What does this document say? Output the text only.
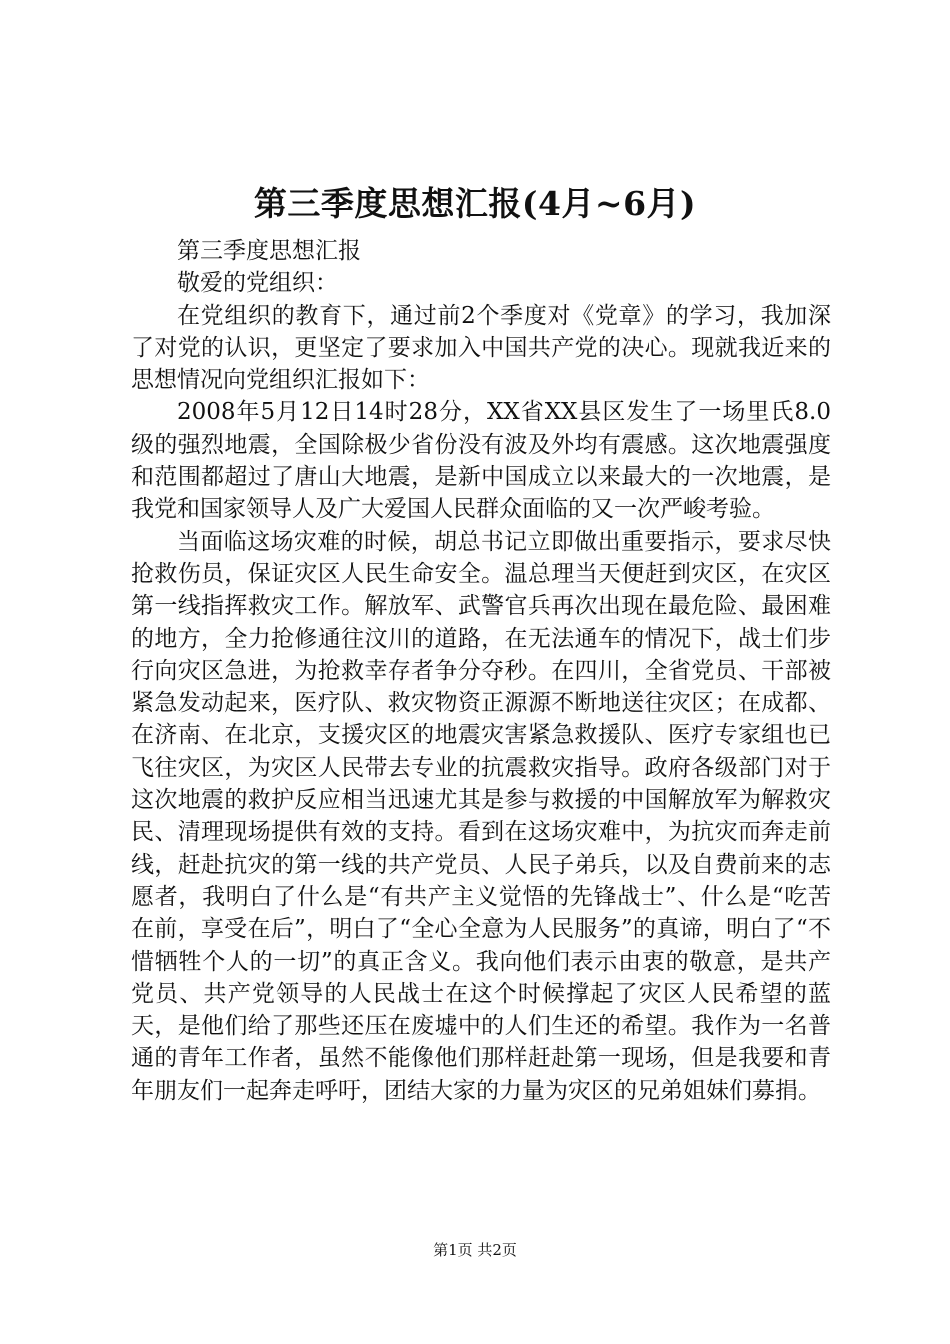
第三季度思想汇报(4月~6月)

第三季度思想汇报

敬爱的党组织：

在党组织的教育下，通过前2个季度对《党章》的学习，我加深了对党的认识，更坚定了要求加入中国共产党的决心。现就我近来的思想情况向党组织汇报如下：

2008年5月12日14时28分，XX省XX县区发生了一场里氏8.0级的强烈地震，全国除极少省份没有波及外均有震感。这次地震强度和范围都超过了唐山大地震，是新中国成立以来最大的一次地震，是我党和国家领导人及广大爱国人民群众面临的又一次严峻考验。

当面临这场灾难的时候，胡总书记立即做出重要指示，要求尽快抢救伤员，保证灾区人民生命安全。温总理当天便赶到灾区，在灾区第一线指挥救灾工作。解放军、武警官兵再次出现在最危险、最困难的地方，全力抢修通往汶川的道路，在无法通车的情况下，战士们步行向灾区急进，为抢救幸存者争分夺秒。在四川，全省党员、干部被紧急发动起来，医疗队、救灾物资正源源不断地送往灾区；在成都、在济南、在北京，支援灾区的地震灾害紧急救援队、医疗专家组也已飞往灾区，为灾区人民带去专业的抗震救灾指导。政府各级部门对于这次地震的救护反应相当迅速尤其是参与救援的中国解放军为解救灾民、清理现场提供有效的支持。看到在这场灾难中，为抗灾而奔走前线，赶赴抗灾的第一线的共产党员、人民子弟兵，以及自费前来的志愿者，我明白了什么是“有共产主义觉悟的先锋战士”、什么是“吃苦在前，享受在后”，明白了“全心全意为人民服务”的真谛，明白了“不惜牺牲个人的一切”的真正含义。我向他们表示由衷的敬意，是共产党员、共产党领导的人民战士在这个时候撑起了灾区人民希望的蓝天，是他们给了那些还压在废墟中的人们生还的希望。我作为一名普通的青年工作者，虽然不能像他们那样赶赴第一现场，但是我要和青年朋友们一起奔走呼吁，团结大家的力量为灾区的兄弟姐妹们募捐。

第1页 共2页
